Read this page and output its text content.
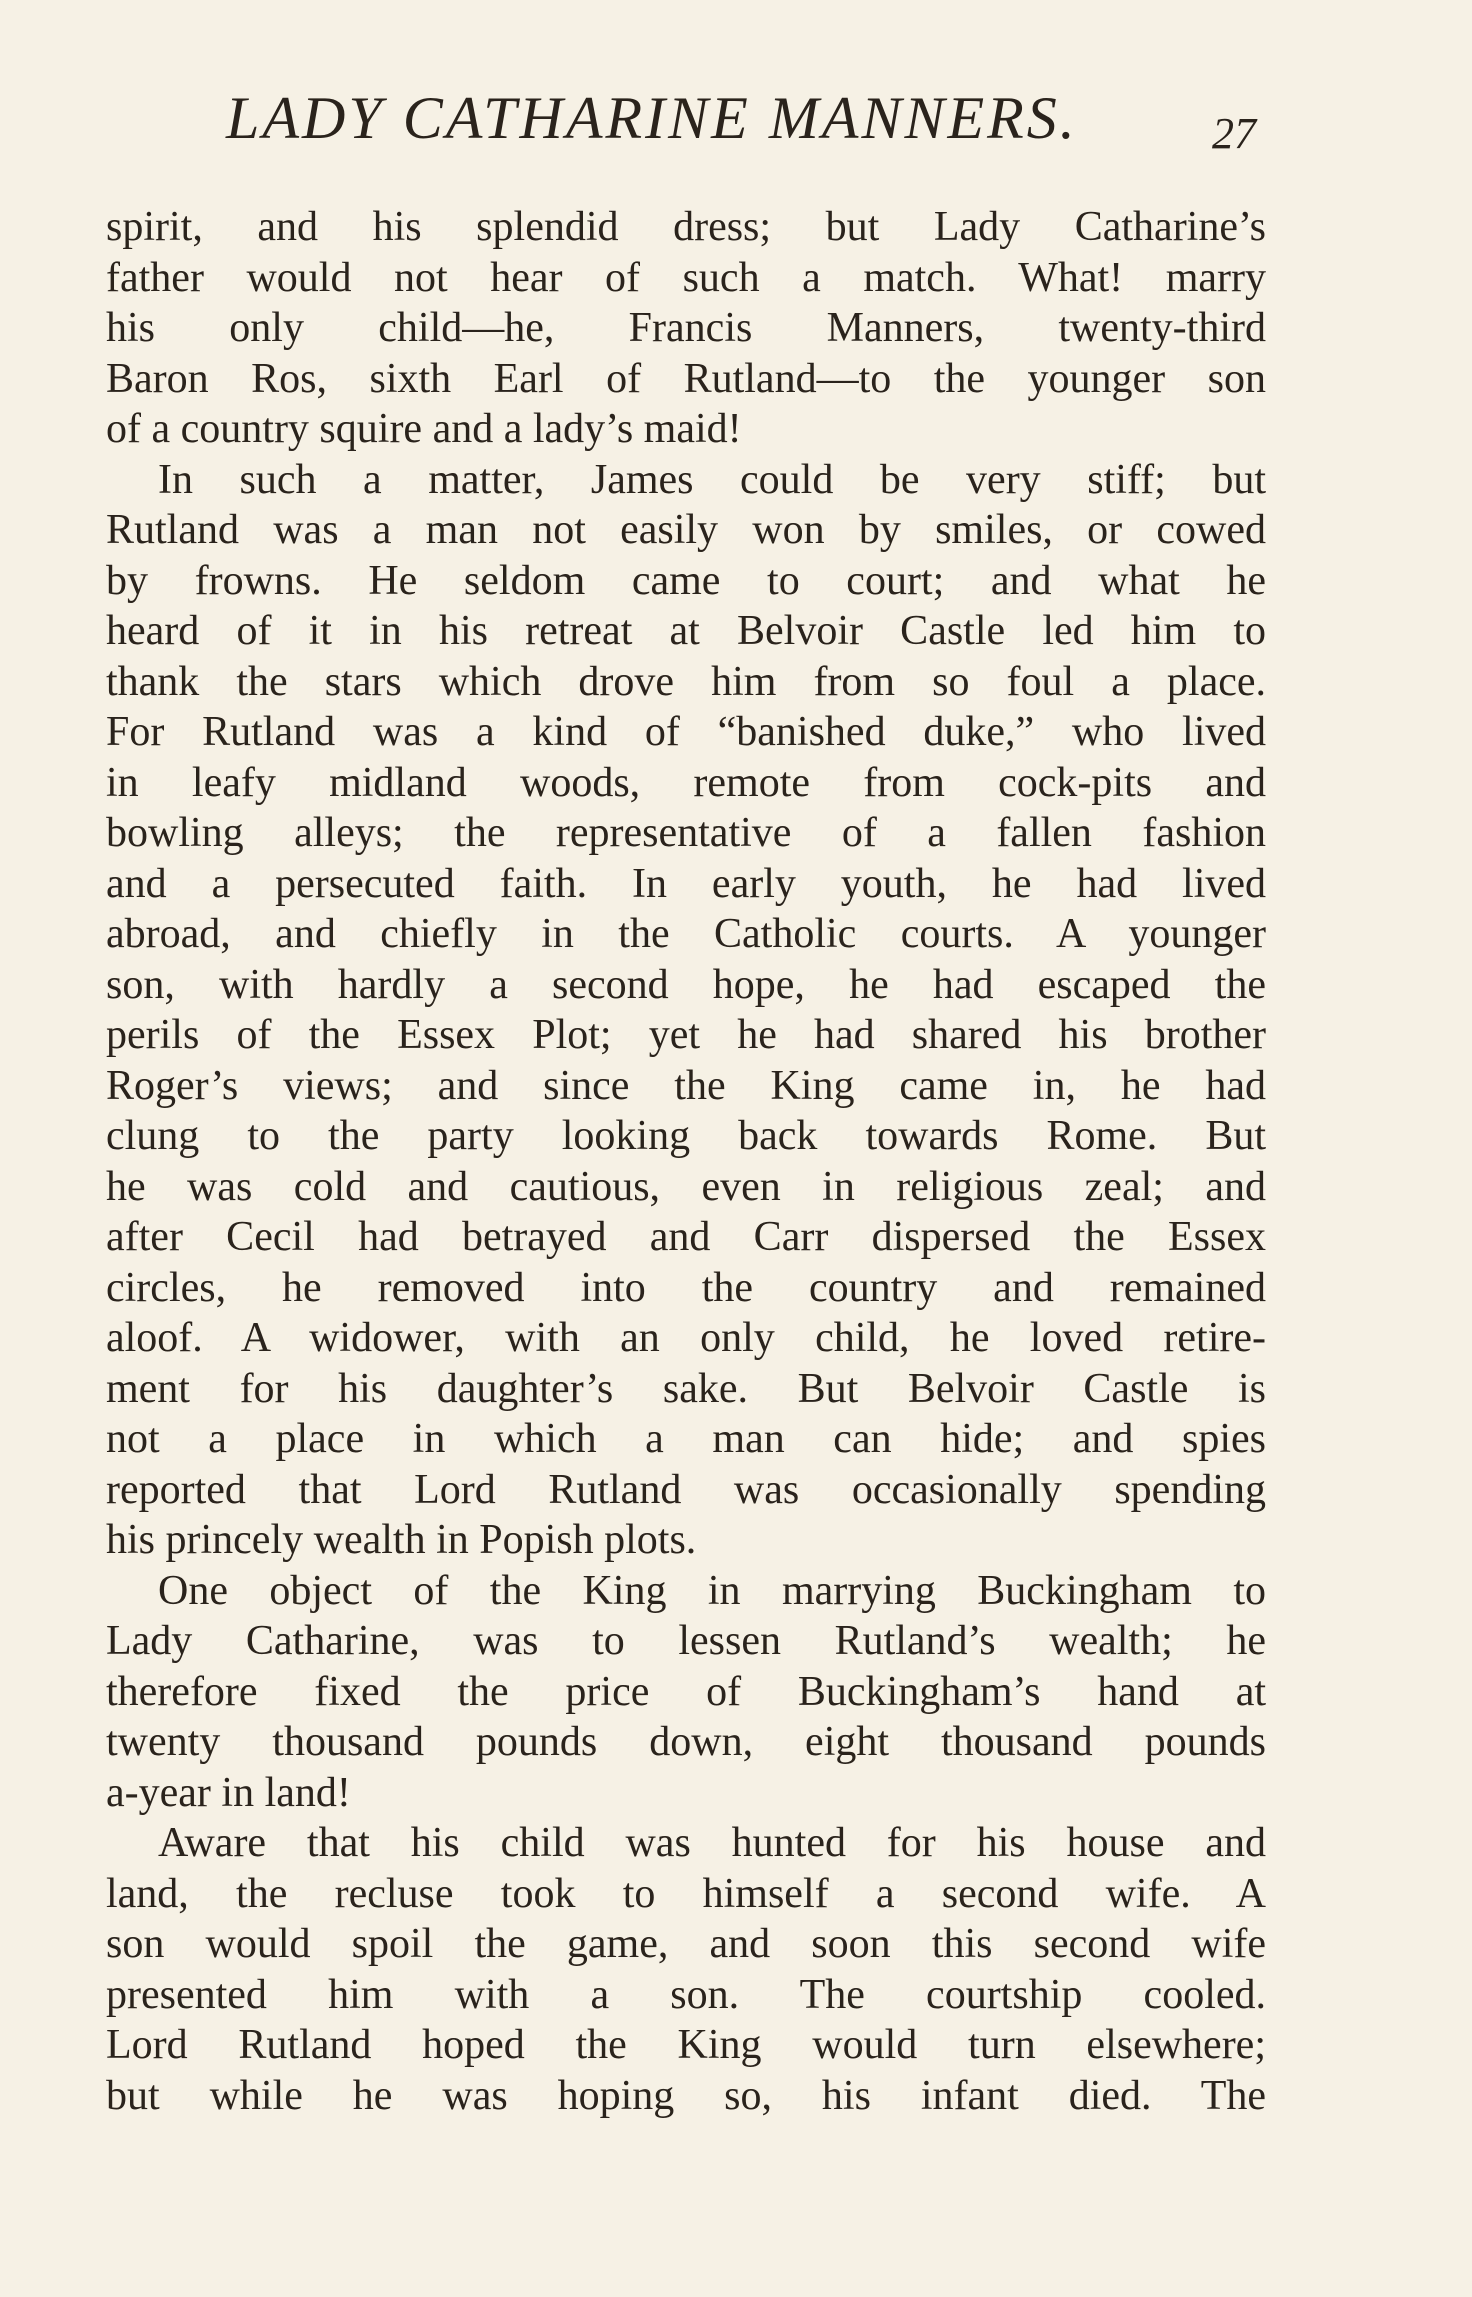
LADY CATHARINE MANNERS.	27
spirit, and his splendid dress; but Lady Catharine’s
father would not hear of such a match. What! marry
his only child—he, Francis Manners, twenty-third
Baron Ros, sixth Earl of Rutland—to the younger son
of a country squire and a lady’s maid!
In such a matter, James could be very stiff; but
Rutland was a man not easily won by smiles, or cowed
by frowns. He seldom came to court; and what he
heard of it in his retreat at Belvoir Castle led him to
thank the stars which drove him from so foul a place.
For Rutland was a kind of “banished duke,” who lived
in leafy midland woods, remote from cock-pits and
bowling alleys; the representative of a fallen fashion
and a persecuted faith. In early youth, he had lived
abroad, and chiefly in the Catholic courts. A younger
son, with hardly a second hope, he had escaped the
perils of the Essex Plot; yet he had shared his brother
Roger’s views; and since the King came in, he had
clung to the party looking back towards Rome. But
he was cold and cautious, even in religious zeal; and
after Cecil had betrayed and Carr dispersed the Essex
circles, he removed into the country and remained
aloof. A widower, with an only child, he loved retire-
ment for his daughter’s sake. But Belvoir Castle is
not a place in which a man can hide; and spies
reported that Lord Rutland was occasionally spending
his princely wealth in Popish plots.
One object of the King in marrying Buckingham to
Lady Catharine, was to lessen Rutland’s wealth; he
therefore fixed the price of Buckingham’s hand at
twenty thousand pounds down, eight thousand pounds
a-year in land!
Aware that his child was hunted for his house and
land, the recluse took to himself a second wife. A
son would spoil the game, and soon this second wife
presented him with a son. The courtship cooled.
Lord Rutland hoped the King would turn elsewhere;
but while he was hoping so, his infant died. The
